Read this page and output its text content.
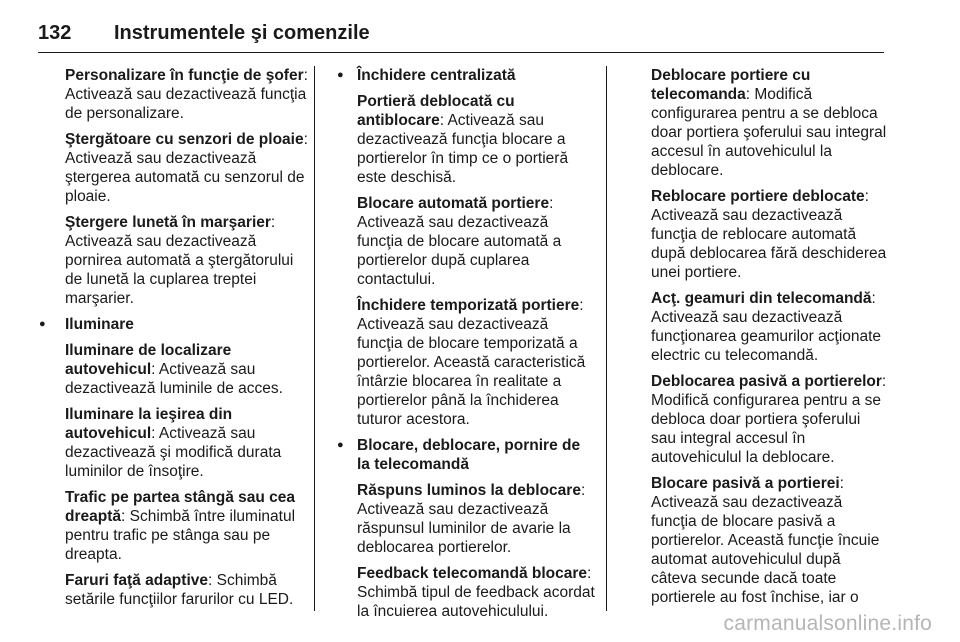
132 Instrumentele şi comenzile

Personalizare în funcţie de şofer: Activează sau dezactivează funcţia de personalizare.

Ştergătoare cu senzori de ploaie: Activează sau dezactivează ştergerea automată cu senzorul de ploaie.

Ştergere lunetă în marşarier: Activează sau dezactivează pornirea automată a ştergătorului de lunetă la cuplarea treptei marşarier.

● Iluminare

Iluminare de localizare autovehicul: Activează sau dezactivează luminile de acces.

Iluminare la ieşirea din autovehicul: Activează sau dezactivează şi modifică durata luminilor de însoţire.

Trafic pe partea stângă sau cea dreaptă: Schimbă între iluminatul pentru trafic pe stânga sau pe dreapta.

Faruri faţă adaptive: Schimbă setările funcţiilor farurilor cu LED.

● Închidere centralizată

Portieră deblocată cu antiblocare: Activează sau dezactivează funcţia blocare a portierelor în timp ce o portieră este deschisă.

Blocare automată portiere: Activează sau dezactivează funcţia de blocare automată a portierelor după cuplarea contactului.

Închidere temporizată portiere: Activează sau dezactivează funcţia de blocare temporizată a portierelor. Această caracteristică întârzie blocarea în realitate a portierelor până la închiderea tuturor acestora.

● Blocare, deblocare, pornire de la telecomandă

Răspuns luminos la deblocare: Activează sau dezactivează răspunsul luminilor de avarie la deblocarea portierelor.

Feedback telecomandă blocare: Schimbă tipul de feedback acordat la încuierea autovehiculului.

Deblocare portiere cu telecomanda: Modifică configurarea pentru a se debloca doar portiera şoferului sau integral accesul în autovehiculul la deblocare.

Reblocare portiere deblocate: Activează sau dezactivează funcţia de reblocare automată după deblocarea fără deschiderea unei portiere.

Acţ. geamuri din telecomandă: Activează sau dezactivează funcţionarea geamurilor acţionate electric cu telecomandă.

Deblocarea pasivă a portierelor: Modifică configurarea pentru a se debloca doar portiera şoferului sau integral accesul în autovehiculul la deblocare.

Blocare pasivă a portierei: Activează sau dezactivează funcţia de blocare pasivă a portierelor. Această funcţie încuie automat autovehiculul după câteva secunde dacă toate portierele au fost închise, iar o

carmanualsonline.info
